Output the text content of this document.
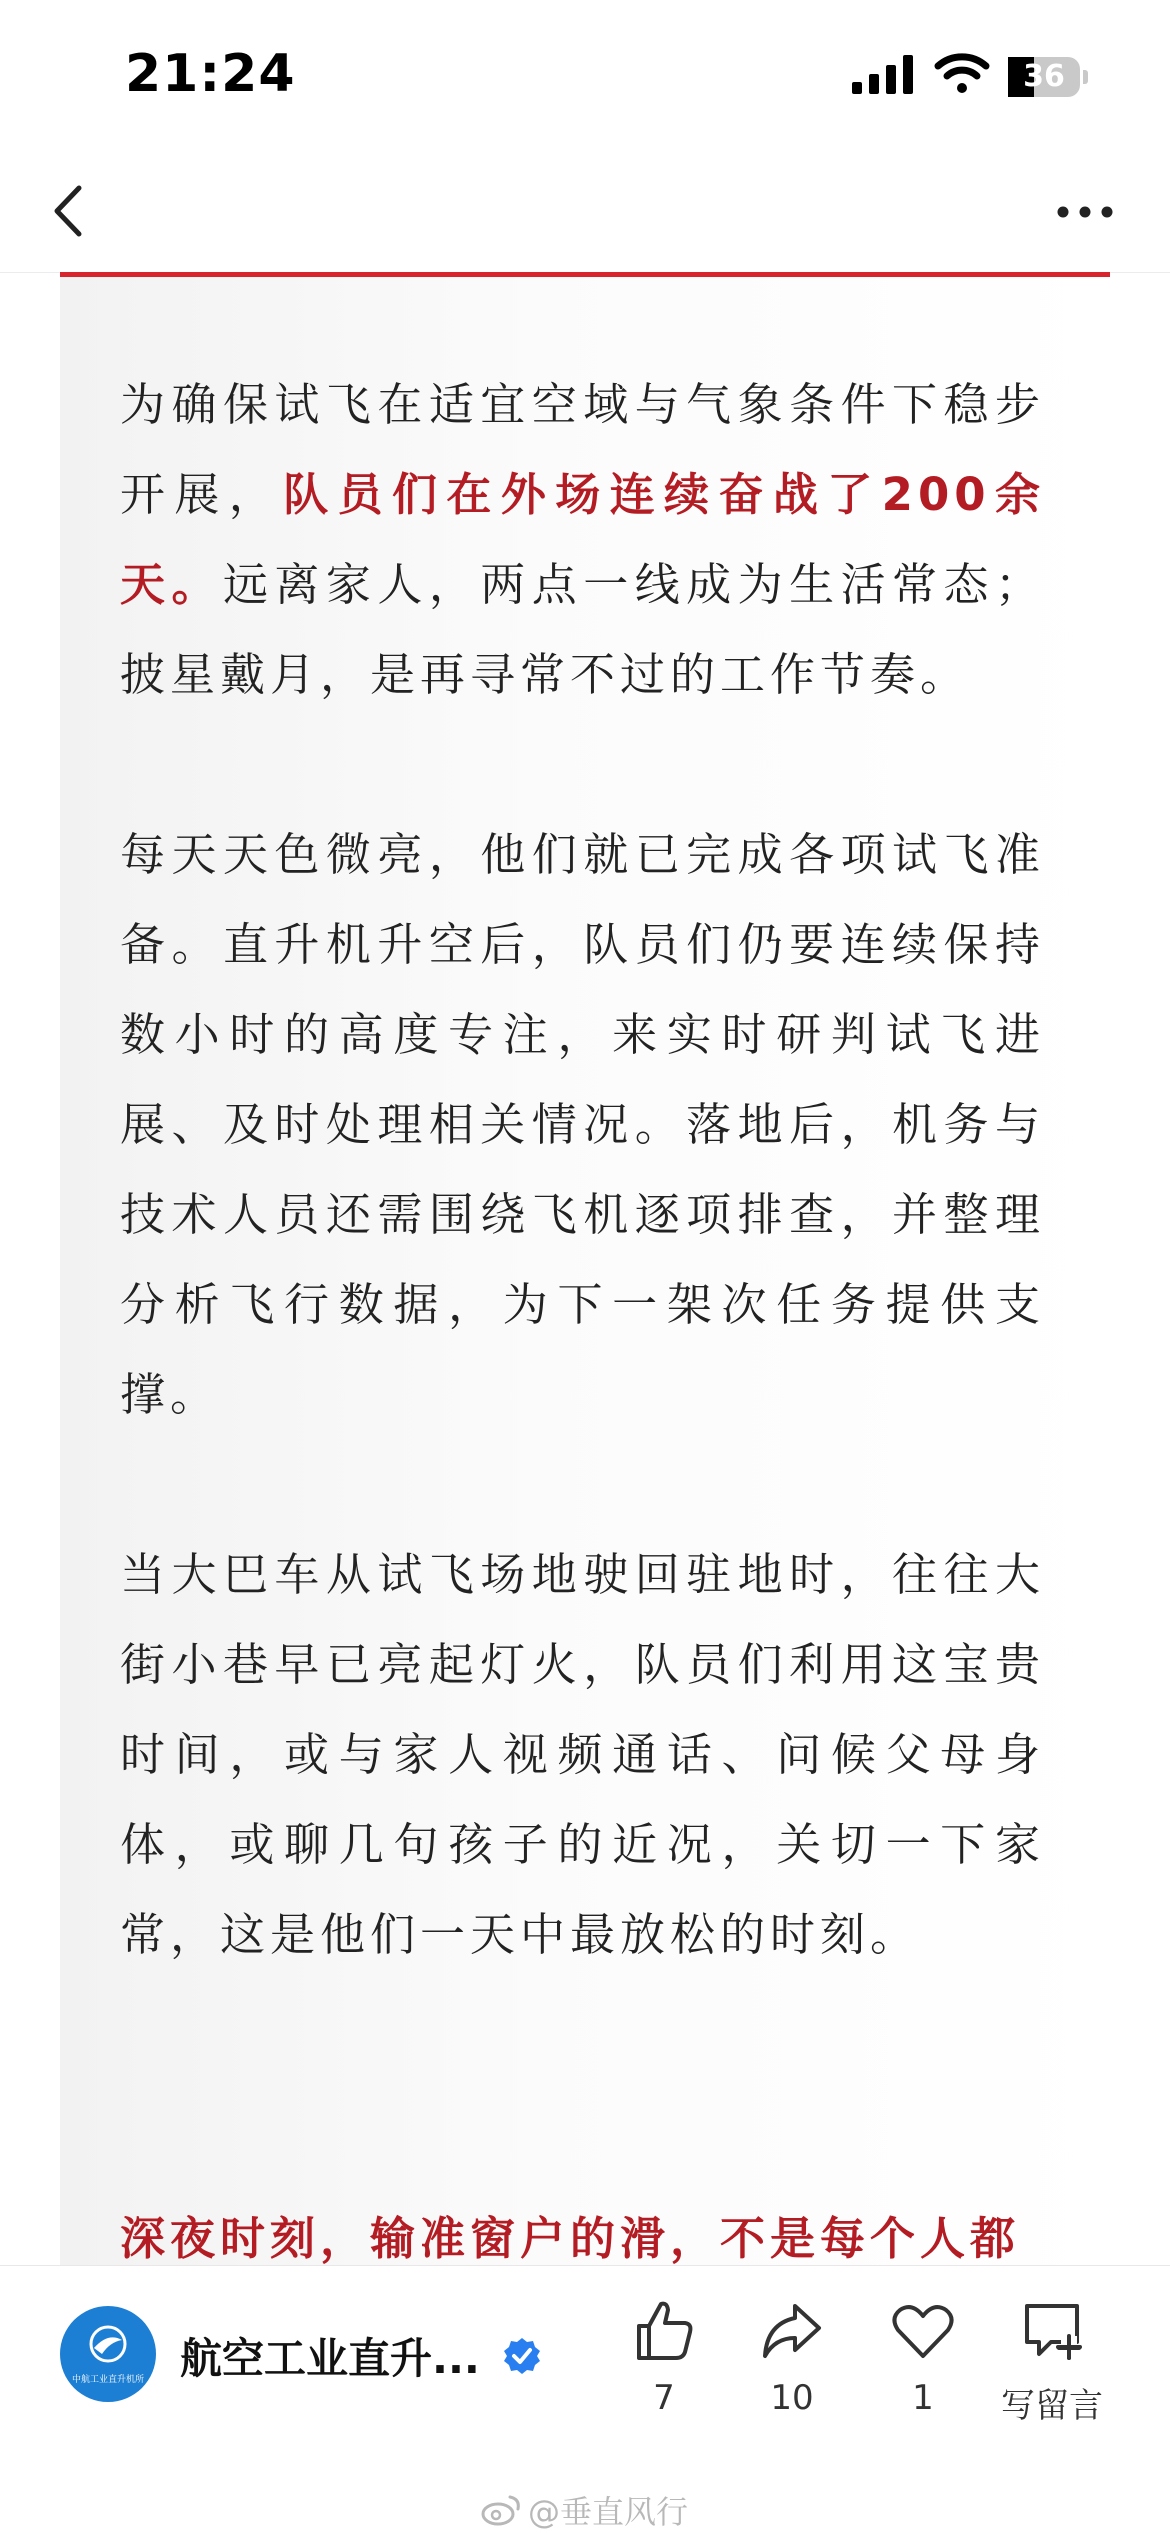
21:24	36

为确保试飞在适宜空域与气象条件下稳步开展，队员们在外场连续奋战了200余天。远离家人，两点一线成为生活常态；披星戴月，是再寻常不过的工作节奏。

每天天色微亮，他们就已完成各项试飞准备。直升机升空后，队员们仍要连续保持数小时的高度专注，来实时研判试飞进展、及时处理相关情况。落地后，机务与技术人员还需围绕飞机逐项排查，并整理分析飞行数据，为下一架次任务提供支撑。

当大巴车从试飞场地驶回驻地时，往往大街小巷早已亮起灯火，队员们利用这宝贵时间，或与家人视频通话、问候父母身体，或聊几句孩子的近况，关切一下家常，这是他们一天中最放松的时刻。

深夜时刻，输准窗户的滑，不是每个人都
中航工业直升机所 航空工业直升...
7	10	1	写留言
@垂直风行
